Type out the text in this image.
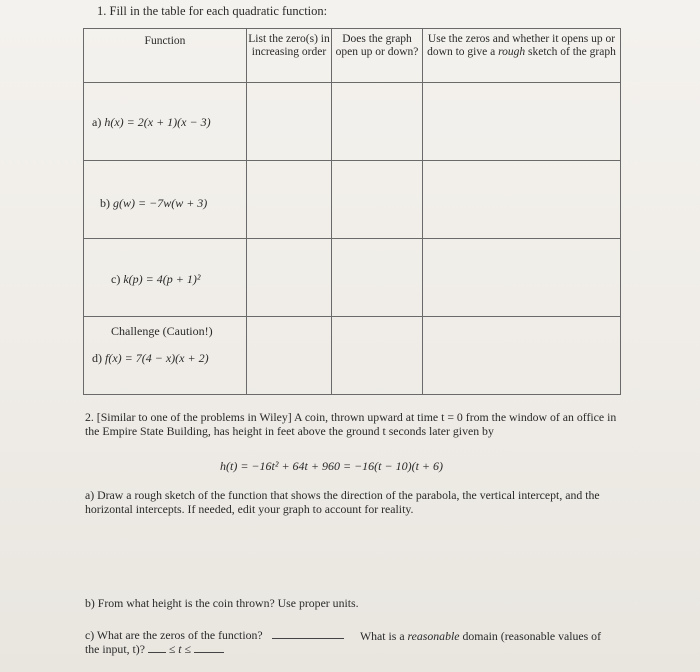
1. Fill in the table for each quadratic function:
Function	List the zero(s) in increasing order	Does the graph open up or down?	Use the zeros and whether it opens up or down to give a rough sketch of the graph

a) h(x) = 2(x + 1)(x − 3)			

b) g(w) = −7w(w + 3)			

c) k(p) = 4(p + 1)²			

Challenge (Caution!)
d) f(x) = 7(4 − x)(x + 2)			

2. [Similar to one of the problems in Wiley] A coin, thrown upward at time t = 0 from the window of an office in the Empire State Building, has height in feet above the ground t seconds later given by
h(t) = −16t² + 64t + 960 = −16(t − 10)(t + 6)
a) Draw a rough sketch of the function that shows the direction of the parabola, the vertical intercept, and the horizontal intercepts. If needed, edit your graph to account for reality.
b) From what height is the coin thrown? Use proper units.
c) What are the zeros of the function?	What is a reasonable domain (reasonable values of
the input, t)? ≤ t ≤
